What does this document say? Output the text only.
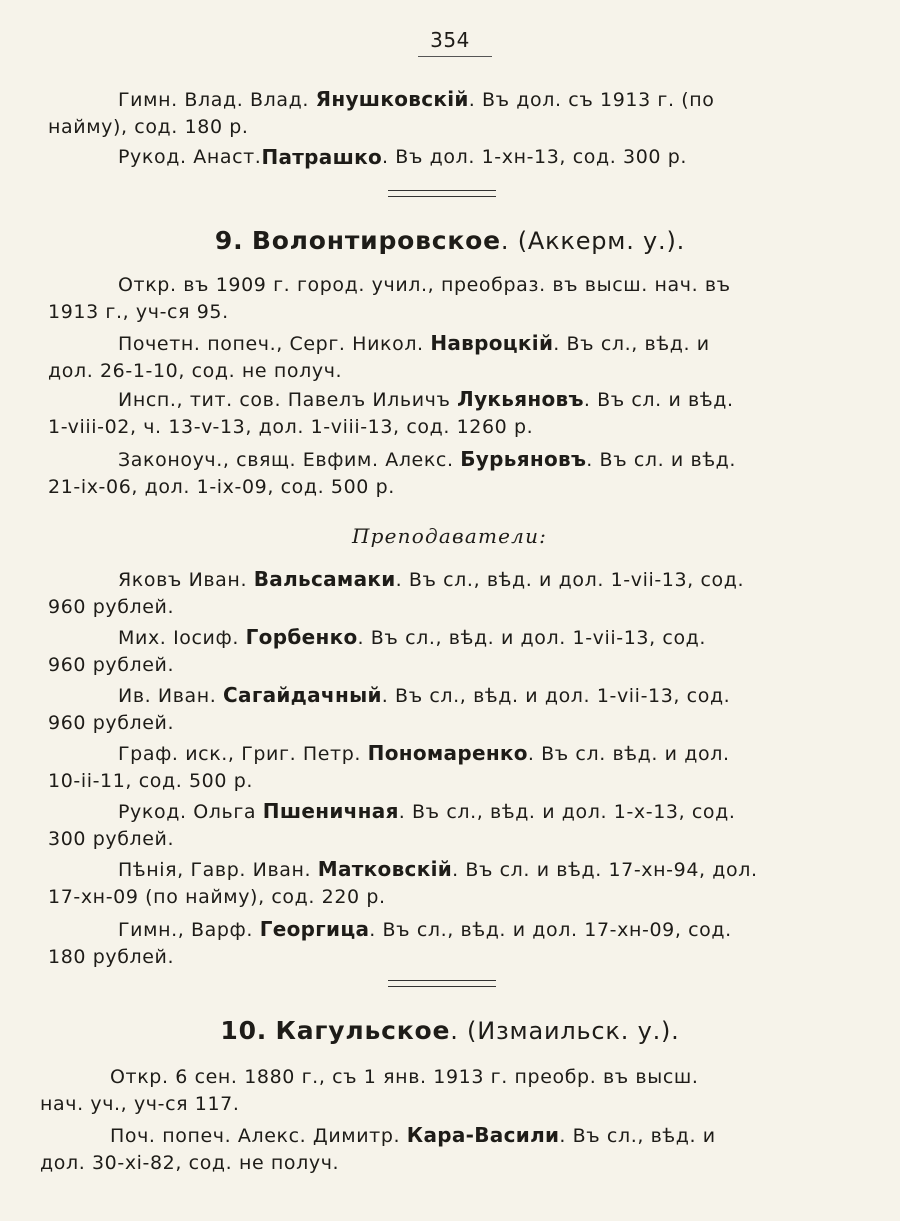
354
Гимн. Влад. Влад. Янушковскій. Въ дол. съ 1913 г. (по
найму), сод. 180 р.
Рукод. Анаст. Патрашко . Въ дол. 1-хн-13, сод. 300 р.
9. Волонтировское. (Аккерм. у.).
Откр. въ 1909 г. город. учил., преобраз. въ высш. нач. въ
1913 г., уч-ся 95.
Почетн. попеч., Серг. Никол. Навроцкій. Въ сл., вѣд. и
дол. 26-1-10, сод. не получ.
Инсп., тит. сов. Павелъ Ильичъ Лукьяновъ. Въ сл. и вѣд.
1-viii-02, ч. 13-v-13, дол. 1-viii-13, сод. 1260 р.
Законоуч., свящ. Евфим. Алекс. Бурьяновъ. Въ сл. и вѣд.
21-ix-06, дол. 1-ix-09, сод. 500 р.
Преподаватели:
Яковъ Иван. Вальсамаки. Въ сл., вѣд. и дол. 1-vii-13, сод.
960 рублей.
Мих. Іосиф. Горбенко. Въ сл., вѣд. и дол. 1-vii-13, сод.
960 рублей.
Ив. Иван. Сагайдачный. Въ сл., вѣд. и дол. 1-vii-13, сод.
960 рублей.
Граф. иск., Григ. Петр. Пономаренко. Въ сл. вѣд. и дол.
10-ii-11, сод. 500 р.
Рукод. Ольга Пшеничная. Въ сл., вѣд. и дол. 1-х-13, сод.
300 рублей.
Пѣнія, Гавр. Иван. Матковскій. Въ сл. и вѣд. 17-хн-94, дол.
17-хн-09 (по найму), сод. 220 р.
Гимн., Варф. Георгица. Въ сл., вѣд. и дол. 17-хн-09, сод.
180 рублей.
10. Кагульское. (Измаильск. у.).
Откр. 6 сен. 1880 г., съ 1 янв. 1913 г. преобр. въ высш.
нач. уч., уч-ся 117.
Поч. попеч. Алекс. Димитр. Кара-Васили. Въ сл., вѣд. и
дол. 30-хі-82, сод. не получ.
